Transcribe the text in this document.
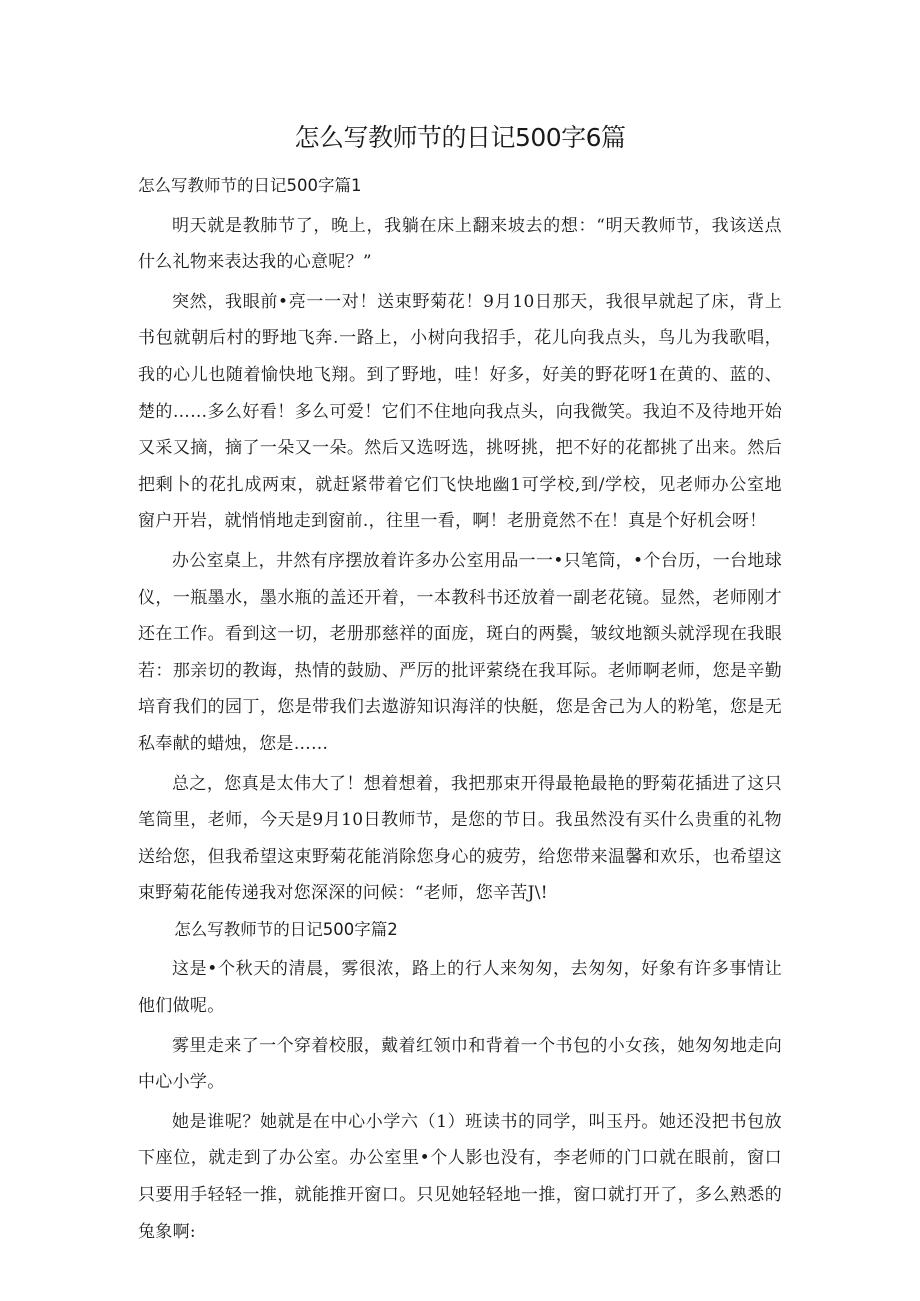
怎么写教师节的日记500字6篇

怎么写教师节的日记500字篇1

明天就是教肺节了，晚上，我躺在床上翻来坡去的想：“明天教师节，我该送点什么礼物来表达我的心意呢？”

突然，我眼前•亮一一对！送束野菊花！9月10日那天，我很早就起了床，背上书包就朝后村的野地飞奔.一路上，小树向我招手，花儿向我点头，鸟儿为我歌唱，我的心儿也随着愉快地飞翔。到了野地，哇！好多，好美的野花呀1在黄的、蓝的、楚的……多么好看！多么可爱！它们不住地向我点头，向我微笑。我迫不及待地开始又采又摘，摘了一朵又一朵。然后又选呀选，挑呀挑，把不好的花都挑了出来。然后把剩卜的花扎成两束，就赶紧带着它们飞快地幽1可学校,到/学校，见老师办公室地窗户开岩，就悄悄地走到窗前.，往里一看，啊！老册竟然不在！真是个好机会呀！

办公室桌上，井然有序摆放着许多办公室用品一一•只笔筒，•个台历，一台地球仪，一瓶墨水，墨水瓶的盖还开着，一本教科书还放着一副老花镜。显然，老师刚才还在工作。看到这一切，老册那慈祥的面庞，斑白的两鬓，皱纹地额头就浮现在我眼若：那亲切的教诲，热情的鼓励、严厉的批评萦绕在我耳际。老师啊老师，您是辛勤培育我们的园丁，您是带我们去遨游知识海洋的快艇，您是舍己为人的粉笔，您是无私奉献的蜡烛，您是……

总之，您真是太伟大了！想着想着，我把那束开得最艳最艳的野菊花插进了这只笔筒里，老师，今天是9月10日教师节，是您的节日。我虽然没有买什么贵重的礼物送给您，但我希望这束野菊花能消除您身心的疲劳，给您带来温馨和欢乐，也希望这束野菊花能传递我对您深深的问候：“老师，您辛苦J\!

怎么写教师节的日记500字篇2

这是•个秋天的清晨，雾很浓，路上的行人来匆匆，去匆匆，好象有许多事情让他们做呢。

雾里走来了一个穿着校服，戴着红领巾和背着一个书包的小女孩，她匆匆地走向中心小学。

她是谁呢？她就是在中心小学六（1）班读书的同学，叫玉丹。她还没把书包放下座位，就走到了办公室。办公室里•个人影也没有，李老师的门口就在眼前，窗口只要用手轻轻一推，就能推开窗口。只见她轻轻地一推，窗口就打开了，多么熟悉的兔象啊:
